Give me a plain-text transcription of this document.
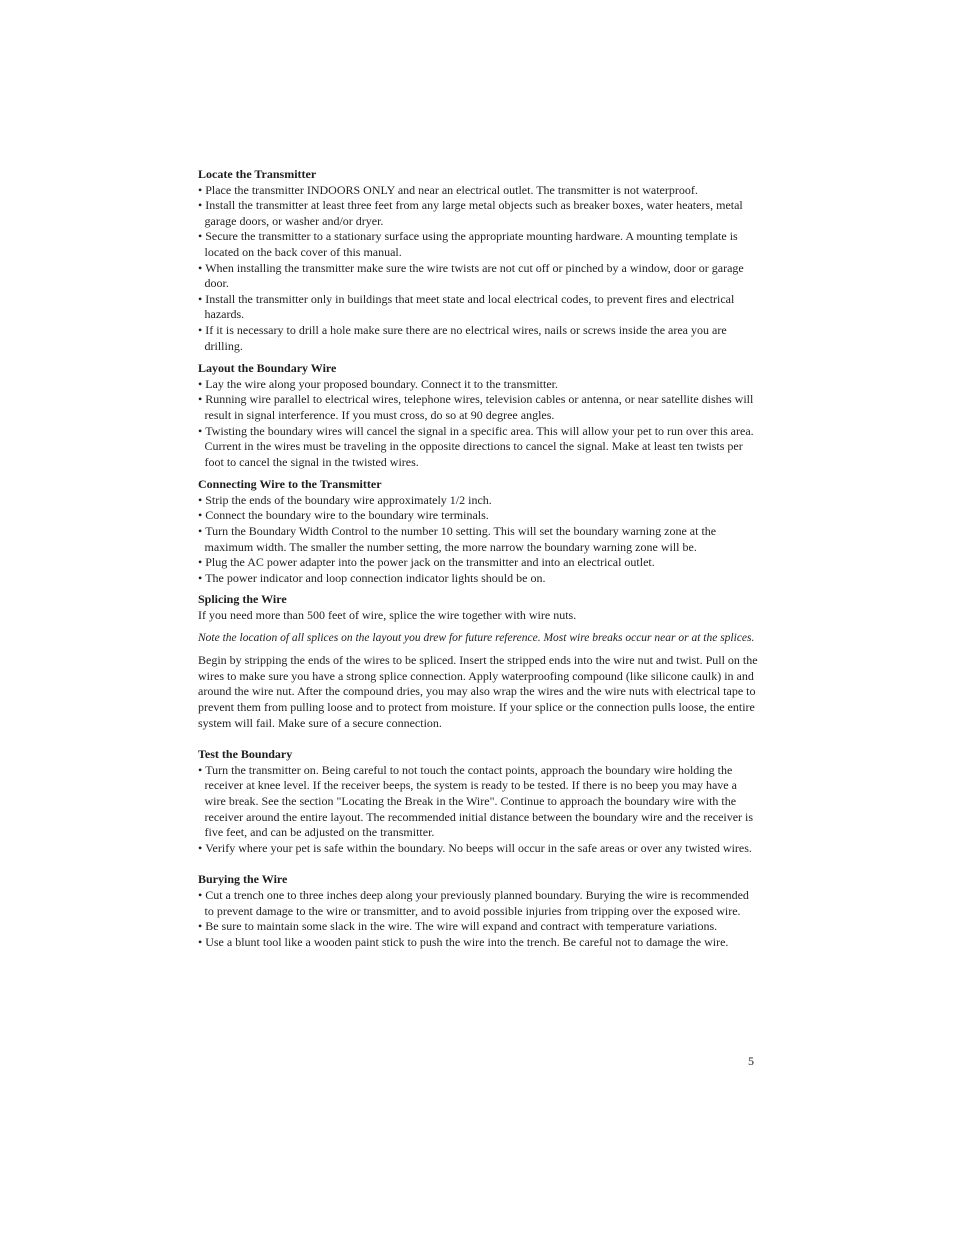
Locate the Transmitter
• Place the transmitter INDOORS ONLY and near an electrical outlet. The transmitter is not waterproof.
• Install the transmitter at least three feet from any large metal objects such as breaker boxes, water heaters, metal garage doors, or washer and/or dryer.
• Secure the transmitter to a stationary surface using the appropriate mounting hardware. A mounting template is located on the back cover of this manual.
• When installing the transmitter make sure the wire twists are not cut off or pinched by a window, door or garage door.
• Install the transmitter only in buildings that meet state and local electrical codes, to prevent fires and electrical hazards.
• If it is necessary to drill a hole make sure there are no electrical wires, nails or screws inside the area you are drilling.
Layout the Boundary Wire
• Lay the wire along your proposed boundary. Connect it to the transmitter.
• Running wire parallel to electrical wires, telephone wires, television cables or antenna, or near satellite dishes will result in signal interference. If you must cross, do so at 90 degree angles.
• Twisting the boundary wires will cancel the signal in a specific area. This will allow your pet to run over this area. Current in the wires must be traveling in the opposite directions to cancel the signal. Make at least ten twists per foot to cancel the signal in the twisted wires.
Connecting Wire to the Transmitter
• Strip the ends of the boundary wire approximately 1/2 inch.
• Connect the boundary wire to the boundary wire terminals.
• Turn the Boundary Width Control to the number 10 setting. This will set the boundary warning zone at the maximum width. The smaller the number setting, the more narrow the boundary warning zone will be.
• Plug the AC power adapter into the power jack on the transmitter and into an electrical outlet.
• The power indicator and loop connection indicator lights should be on.
Splicing the Wire

If you need more than 500 feet of wire, splice the wire together with wire nuts.

Note the location of all splices on the layout you drew for future reference. Most wire breaks occur near or at the splices.

Begin by stripping the ends of the wires to be spliced. Insert the stripped ends into the wire nut and twist. Pull on the wires to make sure you have a strong splice connection. Apply waterproofing compound (like silicone caulk) in and around the wire nut. After the compound dries, you may also wrap the wires and the wire nuts with electrical tape to prevent them from pulling loose and to protect from moisture. If your splice or the connection pulls loose, the entire system will fail. Make sure of a secure connection.

Test the Boundary
• Turn the transmitter on. Being careful to not touch the contact points, approach the boundary wire holding the receiver at knee level. If the receiver beeps, the system is ready to be tested. If there is no beep you may have a wire break. See the section "Locating the Break in the Wire". Continue to approach the boundary wire with the receiver around the entire layout. The recommended initial distance between the boundary wire and the receiver is five feet, and can be adjusted on the transmitter.
• Verify where your pet is safe within the boundary. No beeps will occur in the safe areas or over any twisted wires.
Burying the Wire
• Cut a trench one to three inches deep along your previously planned boundary. Burying the wire is recommended to prevent damage to the wire or transmitter, and to avoid possible injuries from tripping over the exposed wire.
• Be sure to maintain some slack in the wire. The wire will expand and contract with temperature variations.
• Use a blunt tool like a wooden paint stick to push the wire into the trench. Be careful not to damage the wire.
5
